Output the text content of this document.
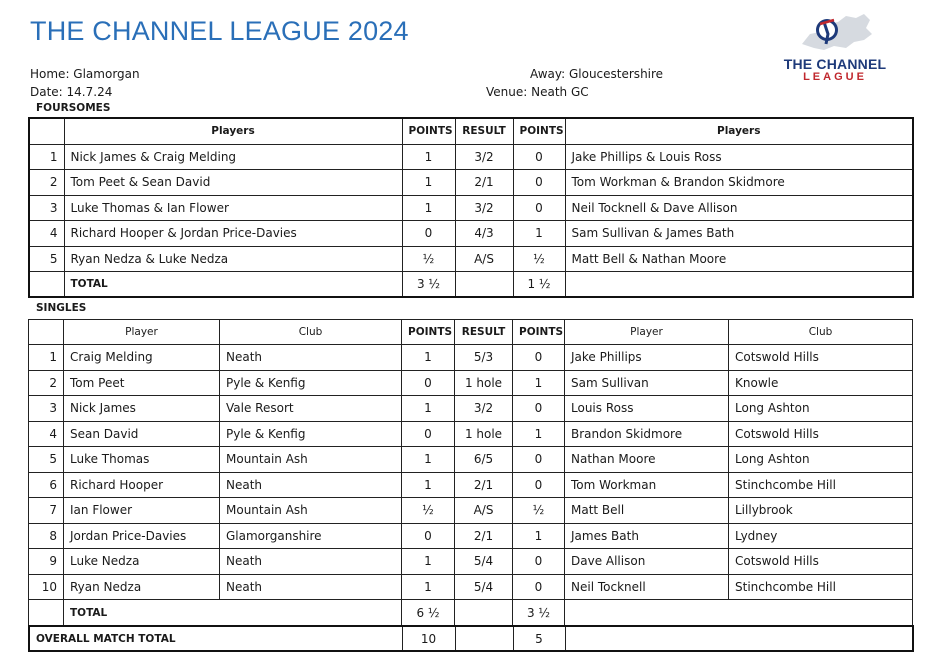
THE CHANNEL LEAGUE 2024
THE CHANNEL
LEAGUE
Home: Glamorgan	Away: Gloucestershire
Date: 14.7.24	Venue: Neath GC
FOURSOMES
	Players	POINTS	RESULT	POINTS	Players
1	Nick James & Craig Melding	1	3/2	0	Jake Phillips & Louis Ross
2	Tom Peet & Sean David	1	2/1	0	Tom Workman & Brandon Skidmore
3	Luke Thomas & Ian Flower	1	3/2	0	Neil Tocknell & Dave Allison
4	Richard Hooper & Jordan Price-Davies	0	4/3	1	Sam Sullivan & James Bath
5	Ryan Nedza & Luke Nedza	½	A/S	½	Matt Bell & Nathan Moore
	TOTAL	3 ½		1 ½	
SINGLES
	Player	Club	POINTS	RESULT	POINTS	Player	Club
1	Craig Melding	Neath	1	5/3	0	Jake Phillips	Cotswold Hills
2	Tom Peet	Pyle & Kenfig	0	1 hole	1	Sam Sullivan	Knowle
3	Nick James	Vale Resort	1	3/2	0	Louis Ross	Long Ashton
4	Sean David	Pyle & Kenfig	0	1 hole	1	Brandon Skidmore	Cotswold Hills
5	Luke Thomas	Mountain Ash	1	6/5	0	Nathan Moore	Long Ashton
6	Richard Hooper	Neath	1	2/1	0	Tom Workman	Stinchcombe Hill
7	Ian Flower	Mountain Ash	½	A/S	½	Matt Bell	Lillybrook
8	Jordan Price-Davies	Glamorganshire	0	2/1	1	James Bath	Lydney
9	Luke Nedza	Neath	1	5/4	0	Dave Allison	Cotswold Hills
10	Ryan Nedza	Neath	1	5/4	0	Neil Tocknell	Stinchcombe Hill
	TOTAL		6 ½		3 ½		
OVERALL MATCH TOTAL	10		5	
